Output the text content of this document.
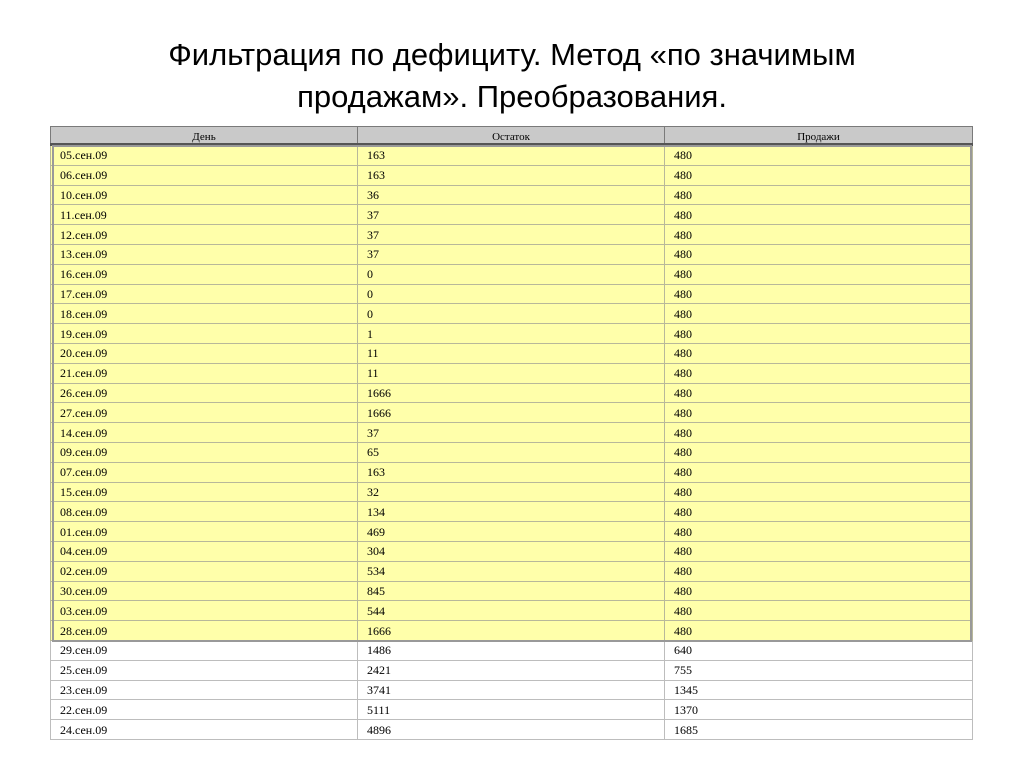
Фильтрация по дефициту. Метод «по значимым
продажам». Преобразования.
День	Остаток	Продажи
05.сен.09	163	480
06.сен.09	163	480
10.сен.09	36	480
11.сен.09	37	480
12.сен.09	37	480
13.сен.09	37	480
16.сен.09	0	480
17.сен.09	0	480
18.сен.09	0	480
19.сен.09	1	480
20.сен.09	11	480
21.сен.09	11	480
26.сен.09	1666	480
27.сен.09	1666	480
14.сен.09	37	480
09.сен.09	65	480
07.сен.09	163	480
15.сен.09	32	480
08.сен.09	134	480
01.сен.09	469	480
04.сен.09	304	480
02.сен.09	534	480
30.сен.09	845	480
03.сен.09	544	480
28.сен.09	1666	480
29.сен.09	1486	640
25.сен.09	2421	755
23.сен.09	3741	1345
22.сен.09	5111	1370
24.сен.09	4896	1685
